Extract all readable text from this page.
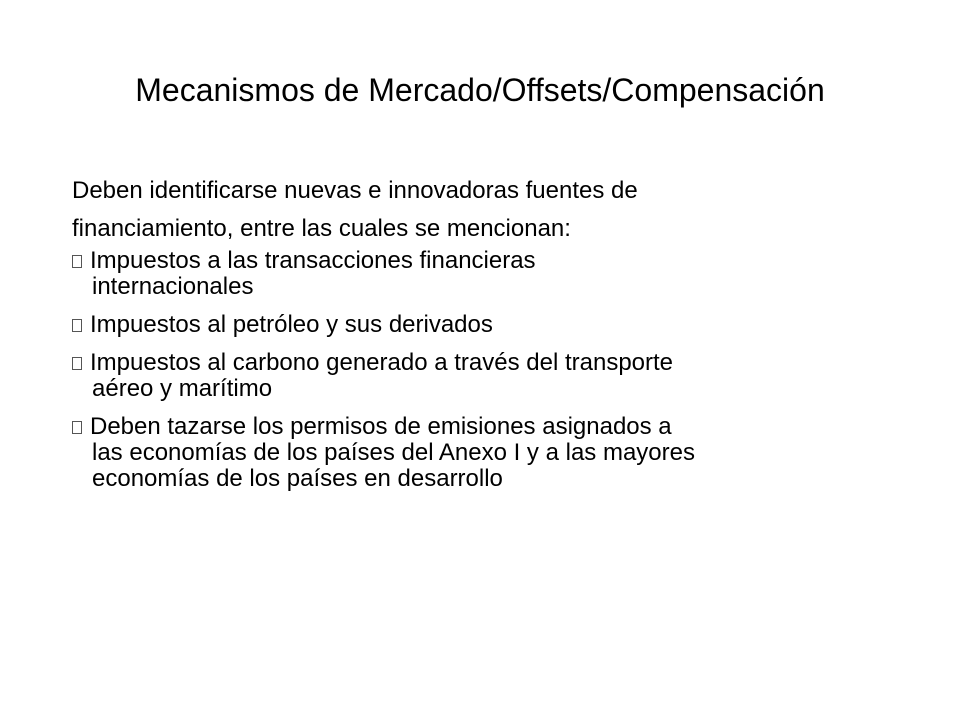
Mecanismos de Mercado/Offsets/Compensación
Deben identificarse nuevas e innovadoras fuentes de
financiamiento, entre las cuales se mencionan:
Impuestos a las transacciones financieras
internacionales
Impuestos al petróleo y sus derivados
Impuestos al carbono generado a través del transporte
aéreo y marítimo
Deben tazarse los permisos de emisiones asignados a
las economías de los países del Anexo I y a las mayores
economías de los países en desarrollo
